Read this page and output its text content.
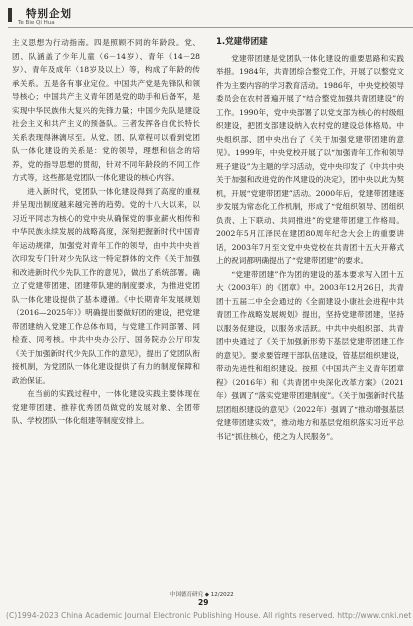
特别企划
Te Bie Qi Hua

主义思想为行动指南。四是照顾不同的年龄段。党、团、队涵盖了少年儿童（6－14岁）、青年（14－28岁）、青年及成年（18岁及以上）等，构成了年龄的传承关系。五是各有事业定位。中国共产党是先锋队和领导核心；中国共产主义青年团是党的助手和后备军，是实现中华民族伟大复兴的先锋力量；中国少先队是建设社会主义和共产主义的预备队。三者发挥各自优长特长关系表现得淋漓尽至。从党、团、队章程可以看到党团队一体化建设的关系是：党的领导，理想和信念的培养，党的指导思想的贯彻，针对不同年龄段的不同工作方式等，这些都是党团队一体化建设的核心内容。

进入新时代，党团队一体化建设得到了高度的重视并呈现出制度越来越完善的趋势。党的十八大以来，以习近平同志为核心的党中央从确保党的事业薪火相传和中华民族永续发展的战略高度，深刻把握新时代中国青年运动规律，加强党对青年工作的领导，由中共中央首次印发专门针对少先队这一特定群体的文件《关于加强和改进新时代少先队工作的意见》，做出了系统部署。确立了党建带团建、团建带队建的制度要求，为推进党团队一体化建设提供了基本遵循。《中长期青年发展规划（2016—2025年）》明确提出要做好团的建设，把党建带团建纳入党建工作总体布局，与党建工作同部署、同检查、同考核。中共中央办公厅、国务院办公厅印发《关于加强新时代少先队工作的意见》，提出了党团队衔接机制，为党团队一体化建设提供了有力的制度保障和政治保证。

在当前的实践过程中，一体化建设实践主要体现在党建带团建、推荐优秀团员做党的发展对象、全团带队、学校团队一体化组建等制度安排上。

1.党建带团建

党建带团建是党团队一体化建设的重要思路和实践举措。1984年，共青团综合整党工作，开展了以整党文件为主要内容的学习教育活动。1986年，中央党校领导委员会在农村普遍开展了“结合整党加强共青团建设”的工作。1990年，党中央部署了以党支部为核心的村级组织建设，把团支部建设纳入农村党的建设总体格局。中央组织部、团中央出台了《关于加强党建带团建的意见》。1999年，中央党校开展了以“加强青年工作和领导班子建设”为主题的学习活动，党中央印发了《中共中央关于加强和改进党的作风建设的决定》，团中央以此为契机，开展“党建带团建”活动。2000年后，党建带团建逐步发展为常态化工作机制，形成了“党组织领导、团组织负责、上下联动、共同推进”的党建带团建工作格局。2002年5月江泽民在建团80周年纪念大会上的重要讲话，2003年7月至文党中央党校在共青团十五大开幕式上的祝词都明确提出了“党建带团建”的要求。

“党建带团建”作为团的建设的基本要求写入团十五大（2003年）的《团章》中。2003年12月26日，共青团十五届二中全会通过的《全面建设小康社会进程中共青团工作战略发展规划》提出，坚持党建带团建，坚持以服务促建设，以服务求活跃。中共中央组织部、共青团中央通过了《关于加强新形势下基层党建带团建工作的意见》。要求要管理干部队伍建设，管基层组织建设，带动先进性和组织建设。按照《中国共产主义青年团章程》（2016年）和《共青团中央深化改革方案》（2021年）强调了“落实党建带团建制度”。《关于加强新时代基层团组织建设的意见》（2022年）强调了“推动增强基层党建带团建实效”，推动地方和基层党组织落实习近平总书记“抓住核心，使之为人民服务”。

中国德育研究 ◆ 12/2022
29
(C)1994-2023 China Academic Journal Electronic Publishing House. All rights reserved. http://www.cnki.net
